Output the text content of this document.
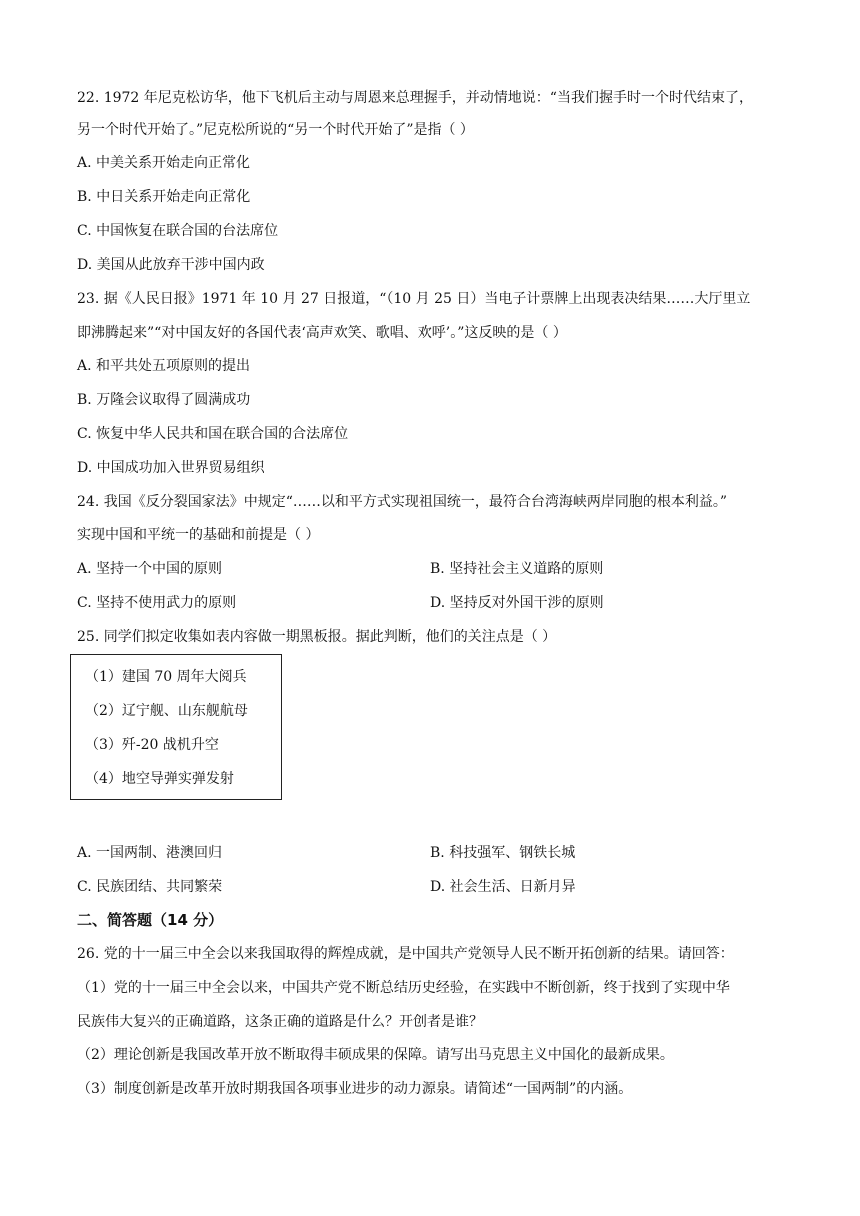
22. 1972 年尼克松访华，他下飞机后主动与周恩来总理握手，并动情地说：“当我们握手时一个时代结束了，
另一个时代开始了。”尼克松所说的“另一个时代开始了”是指（ ）
A. 中美关系开始走向正常化
B. 中日关系开始走向正常化
C. 中国恢复在联合国的台法席位
D. 美国从此放弃干涉中国内政
23. 据《人民日报》1971 年 10 月 27 日报道，“（10 月 25 日）当电子计票牌上出现表决结果……大厅里立
即沸腾起来”“对中国友好的各国代表‘高声欢笑、歌唱、欢呼’。”这反映的是（ ）
A. 和平共处五项原则的提出
B. 万隆会议取得了圆满成功
C. 恢复中华人民共和国在联合国的合法席位
D. 中国成功加入世界贸易组织
24. 我国《反分裂国家法》中规定“……以和平方式实现祖国统一，最符合台湾海峡两岸同胞的根本利益。”
实现中国和平统一的基础和前提是（ ）
A. 坚持一个中国的原则	B. 坚持社会主义道路的原则
C. 坚持不使用武力的原则	D. 坚持反对外国干涉的原则
25. 同学们拟定收集如表内容做一期黑板报。据此判断，他们的关注点是（ ）
（1）建国 70 周年大阅兵
（2）辽宁舰、山东舰航母
（3）歼-20 战机升空
（4）地空导弹实弹发射
A. 一国两制、港澳回归	B. 科技强军、钢铁长城
C. 民族团结、共同繁荣	D. 社会生活、日新月异
二、简答题（14 分）
26. 党的十一届三中全会以来我国取得的辉煌成就，是中国共产党领导人民不断开拓创新的结果。请回答：
（1）党的十一届三中全会以来，中国共产党不断总结历史经验，在实践中不断创新，终于找到了实现中华
民族伟大复兴的正确道路，这条正确的道路是什么？开创者是谁？
（2）理论创新是我国改革开放不断取得丰硕成果的保障。请写出马克思主义中国化的最新成果。
（3）制度创新是改革开放时期我国各项事业进步的动力源泉。请简述“一国两制”的内涵。
